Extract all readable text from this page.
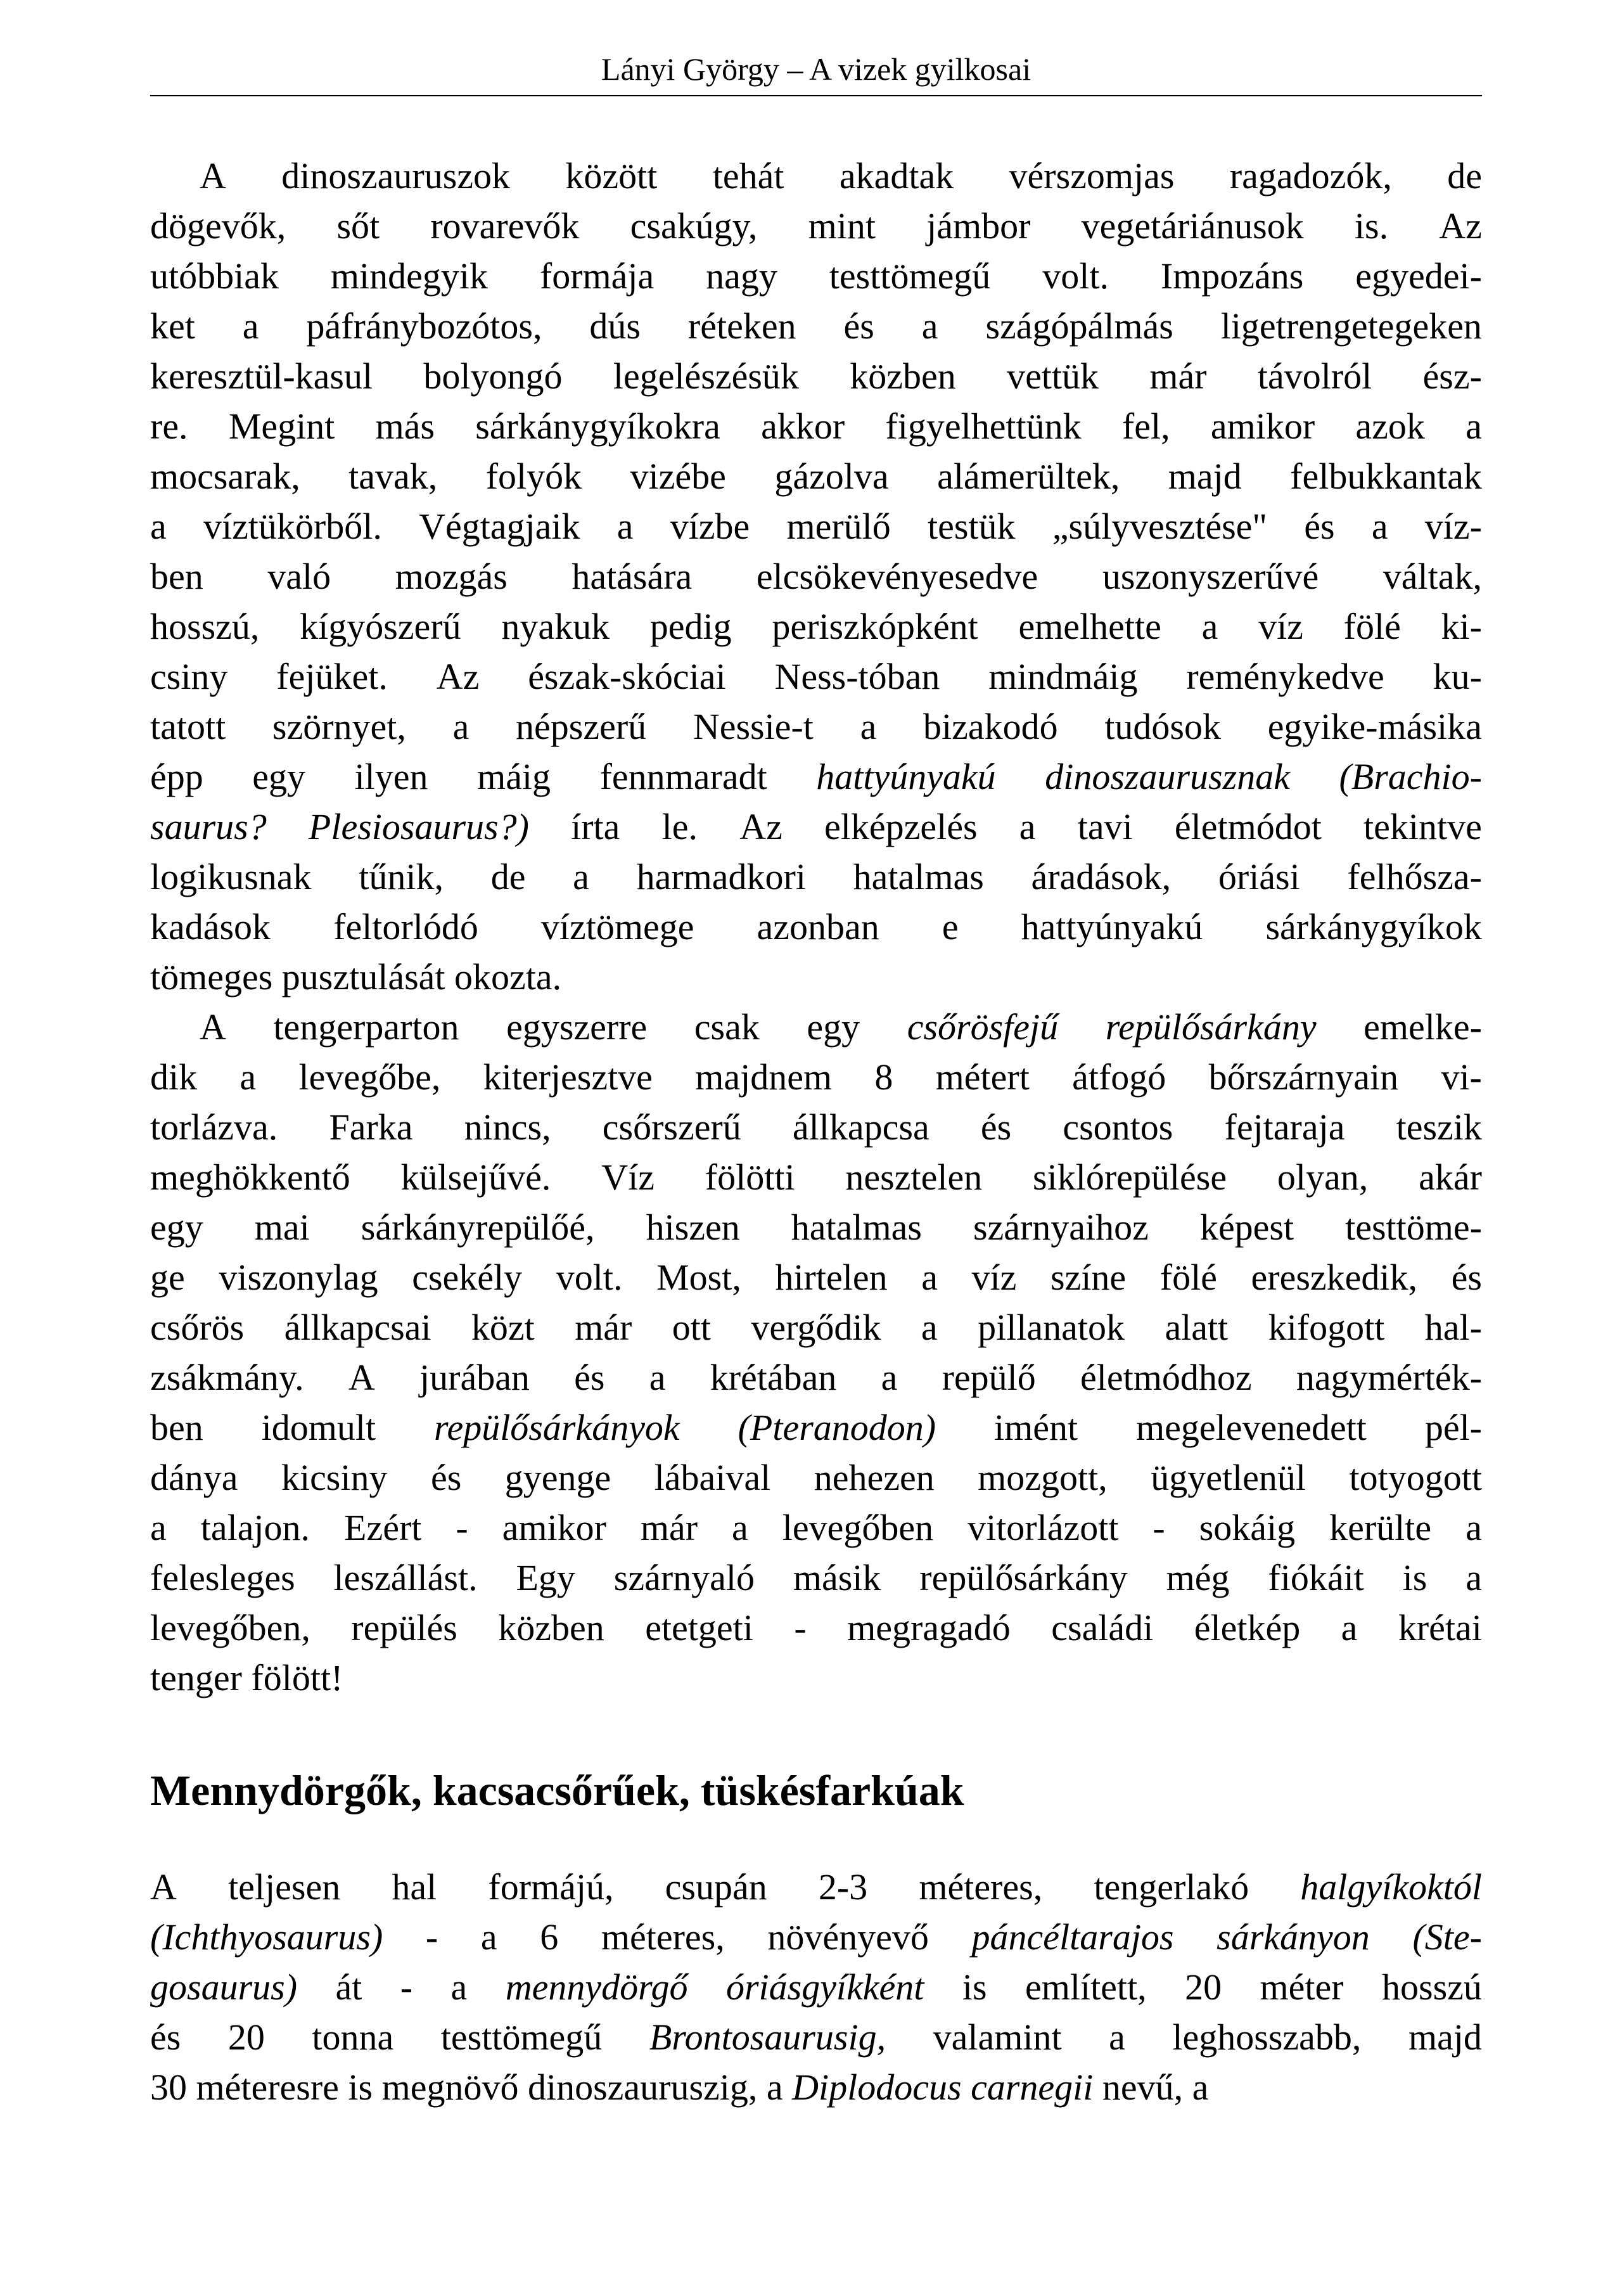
Lányi György – A vizek gyilkosai
A dinoszauruszok között tehát akadtak vérszomjas ragadozók, de
dögevők, sőt rovarevők csakúgy, mint jámbor vegetáriánusok is. Az
utóbbiak mindegyik formája nagy testtömegű volt. Impozáns egyedei-
ket a páfránybozótos, dús réteken és a szágópálmás ligetrengetegeken
keresztül-kasul bolyongó legelészésük közben vettük már távolról ész-
re. Megint más sárkánygyíkokra akkor figyelhettünk fel, amikor azok a
mocsarak, tavak, folyók vizébe gázolva alámerültek, majd felbukkantak
a víztükörből. Végtagjaik a vízbe merülő testük „súlyvesztése" és a víz-
ben való mozgás hatására elcsökevényesedve uszonyszerűvé váltak,
hosszú, kígyószerű nyakuk pedig periszkópként emelhette a víz fölé ki-
csiny fejüket. Az észak-skóciai Ness-tóban mindmáig reménykedve ku-
tatott szörnyet, a népszerű Nessie-t a bizakodó tudósok egyike-másika
épp egy ilyen máig fennmaradt hattyúnyakú dinoszaurusznak (Brachio-
saurus? Plesiosaurus?) írta le. Az elképzelés a tavi életmódot tekintve
logikusnak tűnik, de a harmadkori hatalmas áradások, óriási felhősza-
kadások feltorlódó víztömege azonban e hattyúnyakú sárkánygyíkok
tömeges pusztulását okozta.
A tengerparton egyszerre csak egy csőrösfejű repülősárkány emelke-
dik a levegőbe, kiterjesztve majdnem 8 métert átfogó bőrszárnyain vi-
torlázva. Farka nincs, csőrszerű állkapcsa és csontos fejtaraja teszik
meghökkentő külsejűvé. Víz fölötti nesztelen siklórepülése olyan, akár
egy mai sárkányrepülőé, hiszen hatalmas szárnyaihoz képest testtöme-
ge viszonylag csekély volt. Most, hirtelen a víz színe fölé ereszkedik, és
csőrös állkapcsai közt már ott vergődik a pillanatok alatt kifogott hal-
zsákmány. A jurában és a krétában a repülő életmódhoz nagymérték-
ben idomult repülősárkányok (Pteranodon) imént megelevenedett pél-
dánya kicsiny és gyenge lábaival nehezen mozgott, ügyetlenül totyogott
a talajon. Ezért - amikor már a levegőben vitorlázott - sokáig kerülte a
felesleges leszállást. Egy szárnyaló másik repülősárkány még fiókáit is a
levegőben, repülés közben etetgeti - megragadó családi életkép a krétai
tenger fölött!
Mennydörgők, kacsacsőrűek, tüskésfarkúak
A teljesen hal formájú, csupán 2-3 méteres, tengerlakó halgyíkoktól
(Ichthyosaurus) - a 6 méteres, növényevő páncéltarajos sárkányon (Ste-
gosaurus) át - a mennydörgő óriásgyíkként is említett, 20 méter hosszú
és 20 tonna testtömegű Brontosaurusig, valamint a leghosszabb, majd
30 méteresre is megnövő dinoszauruszig, a Diplodocus carnegii nevű, a
